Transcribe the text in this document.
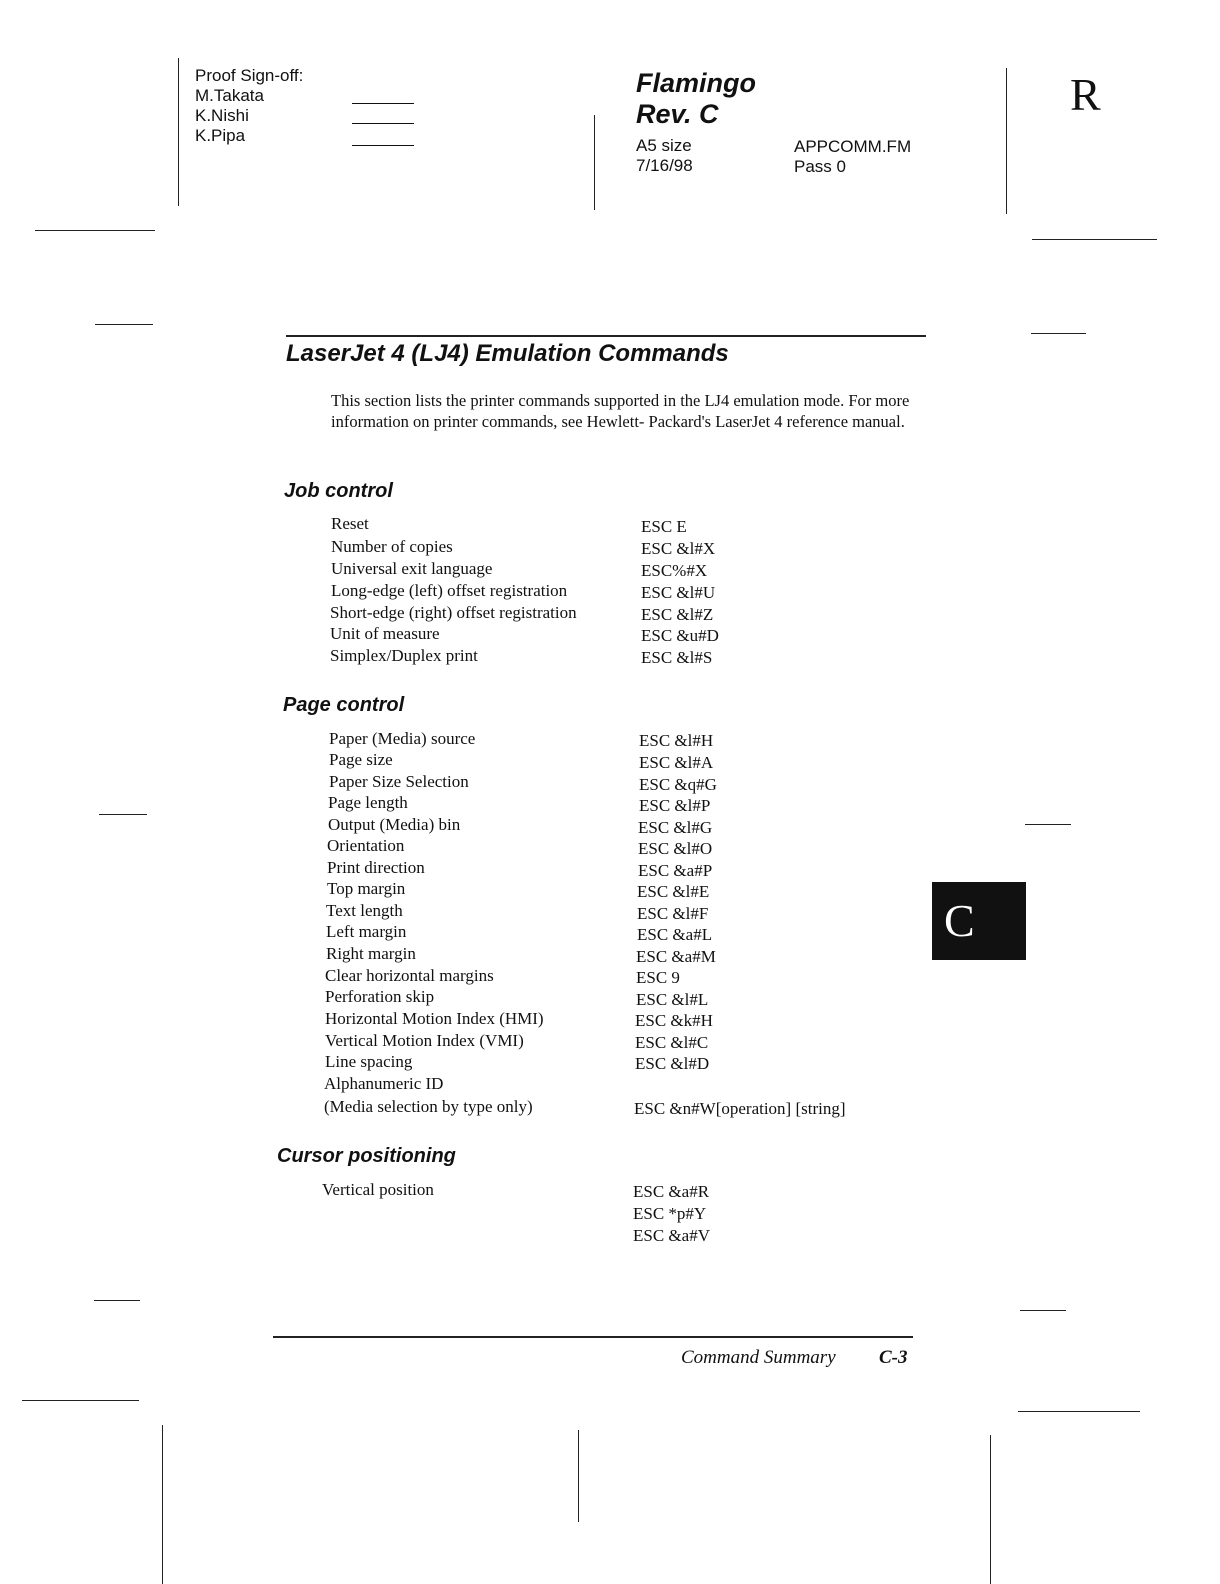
Proof Sign-off:
M.Takata
K.Nishi
K.Pipa
Flamingo
Rev. C
A5 size
7/16/98
APPCOMM.FM
Pass 0
R
LaserJet 4 (LJ4) Emulation Commands
This section lists the printer commands supported in the LJ4 emulation mode. For more information on printer commands, see Hewlett- Packard's LaserJet 4 reference manual.
Job control
Reset	ESC E
Number of copies	ESC &l#X
Universal exit language	ESC%#X
Long-edge (left) offset registration	ESC &l#U
Short-edge (right) offset registration	ESC &l#Z
Unit of measure	ESC &u#D
Simplex/Duplex print	ESC &l#S
Page control
Paper (Media) source	ESC &l#H
Page size	ESC &l#A
Paper Size Selection	ESC &q#G
Page length	ESC &l#P
Output (Media) bin	ESC &l#G
Orientation	ESC &l#O
Print direction	ESC &a#P
Top margin	ESC &l#E
Text length	ESC &l#F
Left margin	ESC &a#L
Right margin	ESC &a#M
Clear horizontal margins	ESC 9
Perforation skip	ESC &l#L
Horizontal Motion Index (HMI)	ESC &k#H
Vertical Motion Index (VMI)	ESC &l#C
Line spacing	ESC &l#D
Alphanumeric ID
(Media selection by type only)	ESC &n#W[operation] [string]
Cursor positioning
Vertical position	ESC &a#R
ESC *p#Y
ESC &a#V
C
Command Summary C-3
